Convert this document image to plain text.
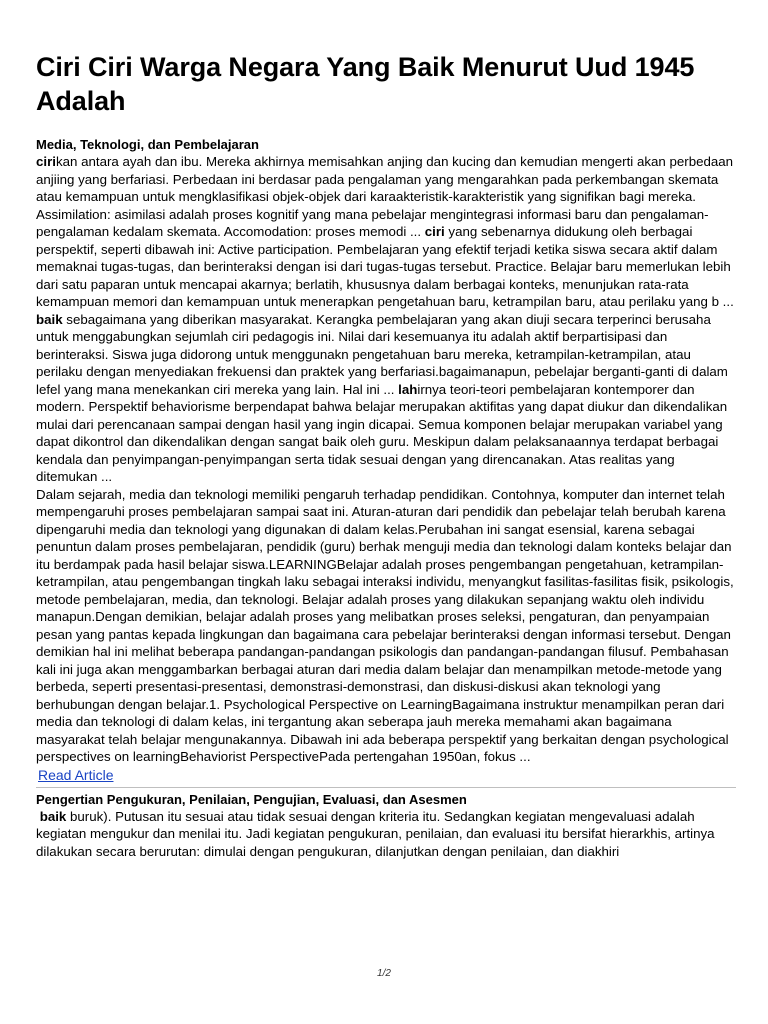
Ciri Ciri Warga Negara Yang Baik Menurut Uud 1945 Adalah

Media, Teknologi, dan Pembelajaran

cirikan antara ayah dan ibu. Mereka akhirnya memisahkan anjing dan kucing dan kemudian mengerti akan perbedaan anjiing yang berfariasi. Perbedaan ini berdasar pada pengalaman yang mengarahkan pada perkembangan skemata atau kemampuan untuk mengklasifikasi objek-objek dari karaakteristik-karakteristik yang signifikan bagi mereka. Assimilation: asimilasi adalah proses kognitif yang mana pebelajar mengintegrasi informasi baru dan pengalaman-pengalaman kedalam skemata. Accomodation: proses memodi ... ciri yang sebenarnya didukung oleh berbagai perspektif, seperti dibawah ini: Active participation. Pembelajaran yang efektif terjadi ketika siswa secara aktif dalam memaknai tugas-tugas, dan berinteraksi dengan isi dari tugas-tugas tersebut. Practice. Belajar baru memerlukan lebih dari satu paparan untuk mencapai akarnya; berlatih, khususnya dalam berbagai konteks, menunjukan rata-rata kemampuan memori dan kemampuan untuk menerapkan pengetahuan baru, ketrampilan baru, atau perilaku yang b ... baik sebagaimana yang diberikan masyarakat. Kerangka pembelajaran yang akan diuji secara terperinci berusaha untuk menggabungkan sejumlah ciri pedagogis ini. Nilai dari kesemuanya itu adalah aktif berpartisipasi dan berinteraksi. Siswa juga didorong untuk menggunakn pengetahuan baru mereka, ketrampilan-ketrampilan, atau perilaku dengan menyediakan frekuensi dan praktek yang berfariasi.bagaimanapun, pebelajar berganti-ganti di dalam lefel yang mana menekankan ciri mereka yang lain. Hal ini ... lahirnya teori-teori pembelajaran kontemporer dan modern. Perspektif behaviorisme berpendapat bahwa belajar merupakan aktifitas yang dapat diukur dan dikendalikan mulai dari perencanaan sampai dengan hasil yang ingin dicapai. Semua komponen belajar merupakan variabel yang dapat dikontrol dan dikendalikan dengan sangat baik oleh guru. Meskipun dalam pelaksanaannya terdapat berbagai kendala dan penyimpangan-penyimpangan serta tidak sesuai dengan yang direncanakan. Atas realitas yang ditemukan ...

Dalam sejarah, media dan teknologi memiliki pengaruh terhadap pendidikan. Contohnya, komputer dan internet telah mempengaruhi proses pembelajaran sampai saat ini. Aturan-aturan dari pendidik dan pebelajar telah berubah karena dipengaruhi media dan teknologi yang digunakan di dalam kelas.Perubahan ini sangat esensial, karena sebagai penuntun dalam proses pembelajaran, pendidik (guru) berhak menguji media dan teknologi dalam konteks belajar dan itu berdampak pada hasil belajar siswa.LEARNINGBelajar adalah proses pengembangan pengetahuan, ketrampilan-ketrampilan, atau pengembangan tingkah laku sebagai interaksi individu, menyangkut fasilitas-fasilitas fisik, psikologis, metode pembelajaran, media, dan teknologi. Belajar adalah proses yang dilakukan sepanjang waktu oleh individu manapun.Dengan demikian, belajar adalah proses yang melibatkan proses seleksi, pengaturan, dan penyampaian pesan yang pantas kepada lingkungan dan bagaimana cara pebelajar berinteraksi dengan informasi tersebut. Dengan demikian hal ini melihat beberapa pandangan-pandangan psikologis dan pandangan-pandangan filusuf. Pembahasan kali ini juga akan menggambarkan berbagai aturan dari media dalam belajar dan menampilkan metode-metode yang berbeda, seperti presentasi-presentasi, demonstrasi-demonstrasi, dan diskusi-diskusi akan teknologi yang berhubungan dengan belajar.1. Psychological Perspective on LearningBagaimana instruktur menampilkan peran dari media dan teknologi di dalam kelas, ini tergantung akan seberapa jauh mereka memahami akan bagaimana masyarakat telah belajar mengunakannya. Dibawah ini ada beberapa perspektif yang berkaitan dengan psychological perspectives on learningBehaviorist PerspectivePada pertengahan 1950an, fokus ...

Read Article

Pengertian Pengukuran, Penilaian, Pengujian, Evaluasi, dan Asesmen

baik buruk). Putusan itu sesuai atau tidak sesuai dengan kriteria itu. Sedangkan kegiatan mengevaluasi adalah kegiatan mengukur dan menilai itu. Jadi kegiatan pengukuran, penilaian, dan evaluasi itu bersifat hierarkhis, artinya dilakukan secara berurutan: dimulai dengan pengukuran, dilanjutkan dengan penilaian, dan diakhiri

1/2
